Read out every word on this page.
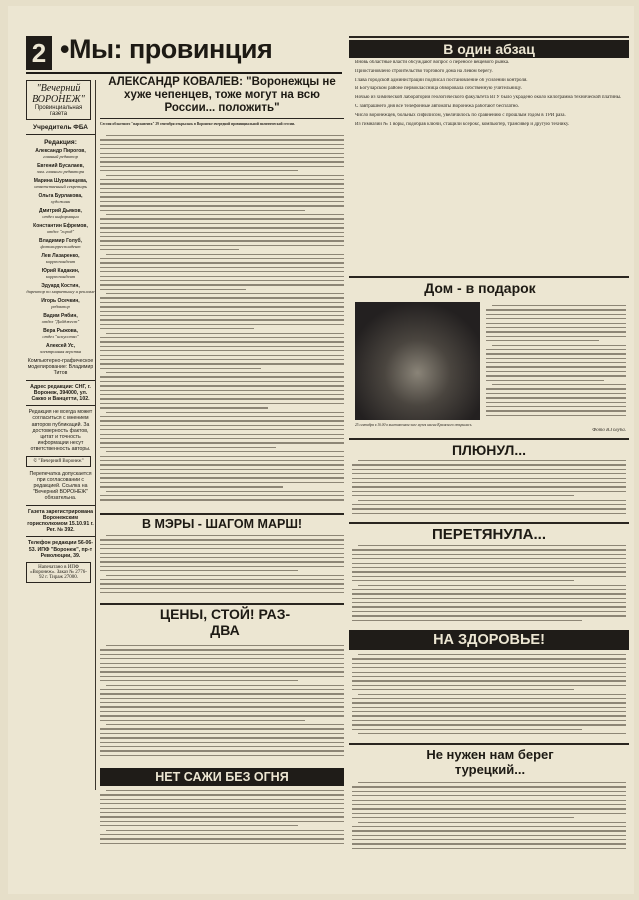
2 •Мы: провинция
"Вечерний ВОРОНЕЖ"
Провинциальная газета
Учредитель ФБА
Редакция:
Александр Пирогов,
главный редактор
Евгений Бусалаев,
зам. главного редактора
Марина Шурманцева,
ответственный секретарь
Ольга Бурлакова,
художник
Дмитрий Дьяков,
отдел информации
Константин Ефремов,
отдел "город"
Владимир Голуб,
фотокорреспондент
Лев Лазаренко,
корреспондент
Юрий Кадакин,
корреспондент
Эдуард Костин,
директор по маркетингу и рекламе
Игорь Осечкин,
редактор
Вадим Рябин,
отдел "Дайджест"
Вера Рыжова,
отдел "искусство"
Алексей Ус,
электронная верстка
Компьютерно-графическое моделирование: Владимир Титов
Адрес редакции: СНГ, г. Воронеж, 394000, ул. Сакко и Ванцетти, 102.
Редакция не всегда может согласиться с мнением авторов публикаций. За достоверность фактов, цитат и точность информации несут ответственность авторы.
© "Вечерний Воронеж"
Перепечатка допускается при согласовании с редакцией. Ссылка на "Вечерний ВОРОНЕЖ" обязательна.
Газета зарегистрирована Воронежским горисполкомом 15.10.91 г. Рег. № 392.
Телефон редакции 56-06-53. ИПФ "Воронеж", пр-т Революции, 39.
Напечатано в ИПФ «Воронеж». Заказ № 2776-92 г. Тираж 27000.
АЛЕКСАНДР КОВАЛЕВ: "Воронежцы не хуже чепенцев, тоже могут на всю России... положить"
Сессия областного "парламента" 29 сентября открылась в Воронеже очередной провинциальной политической сессии.
В МЭРЫ - ШАГОМ МАРШ!
ЦЕНЫ, СТОЙ! РАЗ-ДВА
НЕТ САЖИ БЕЗ ОГНЯ
В один абзац
Вновь областные власти обсуждают вопрос о переносе вещевого рынка.
Приостановлено строительство торгового дома на Левом берегу.
Глава городской администрации подписал постановление об усилении контроля.
В Богучарском районе первоклассница обворовала собственную учительницу.
Ночью из химической лаборатории геологического факультета ВГУ было украдено около килограмма технической платины.
С завтрашнего дня все телефонные автоматы Воронежа работают бесплатно.
Число воронежцев, больных сифилисом, увеличилось по сравнению с прошлым годом в ТРИ раза.
Из гимназии № 1 воры, подобрав ключи, стащили ксерокс, компьютер, трансивер и другую технику.
Дом - в подарок
25 сентября в 16.00 в выставочном зале музея имени Крамского открылась
Фото В.Голуба.
ПЛЮНУЛ...
ПЕРЕТЯНУЛА...
НА ЗДОРОВЬЕ!
Не нужен нам берег турецкий...
